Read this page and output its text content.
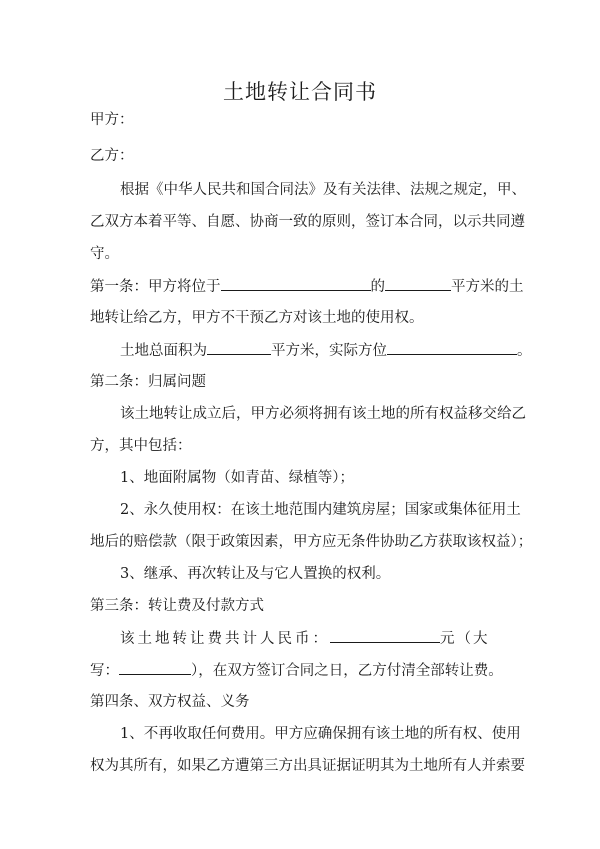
土地转让合同书
甲方：
乙方：
根据《中华人民共和国合同法》及有关法律、法规之规定，甲、
乙双方本着平等、自愿、协商一致的原则，签订本合同，以示共同遵
守。
第一条：甲方将位于	的	平方米的土
地转让给乙方，甲方不干预乙方对该土地的使用权。
土地总面积为	平方米，实际方位	。
第二条：归属问题
该土地转让成立后，甲方必须将拥有该土地的所有权益移交给乙
方，其中包括：
1、地面附属物（如青苗、绿植等）；
2、永久使用权：在该土地范围内建筑房屋；国家或集体征用土
地后的赔偿款（限于政策因素，甲方应无条件协助乙方获取该权益）；
3、继承、再次转让及与它人置换的权利。
第三条：转让费及付款方式
该土地转让费共计人民币：	元（大
写：	），在双方签订合同之日，乙方付清全部转让费。
第四条、双方权益、义务
1、不再收取任何费用。甲方应确保拥有该土地的所有权、使用
权为其所有，如果乙方遭第三方出具证据证明其为土地所有人并索要
